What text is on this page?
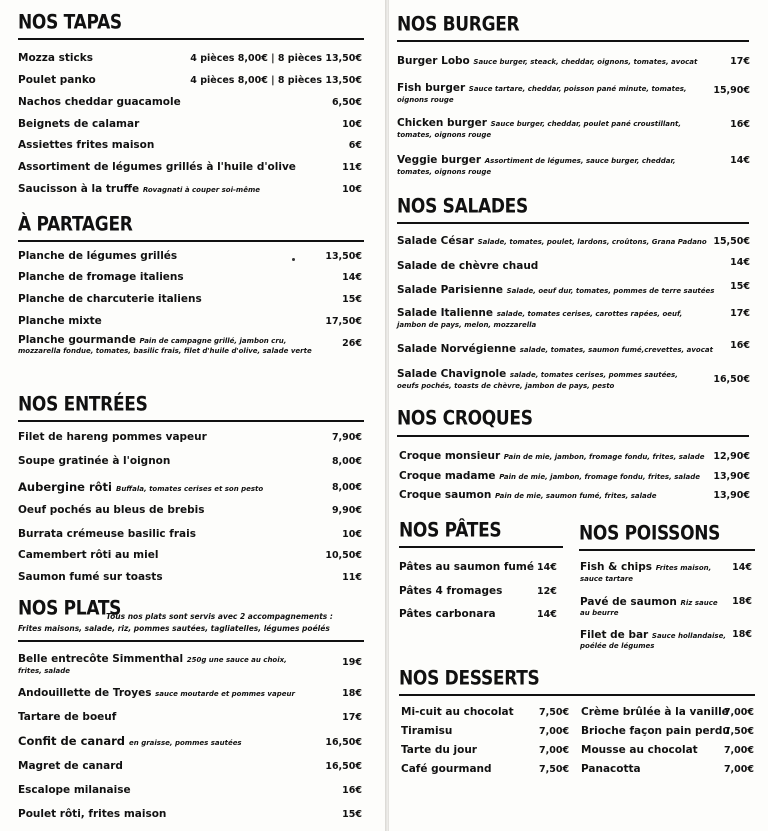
NOS TAPAS
Mozza sticks	4 pièces 8,00€ | 8 pièces 13,50€
Poulet panko	4 pièces 8,00€ | 8 pièces 13,50€
Nachos cheddar guacamole	6,50€
Beignets de calamar	10€
Assiettes frites maison	6€
Assortiment de légumes grillés à l'huile d'olive	11€
Saucisson à la truffe Rovagnati à couper soi-même	10€
À PARTAGER
Planche de légumes grillés	13,50€
Planche de fromage italiens	14€
Planche de charcuterie italiens	15€
Planche mixte	17,50€
Planche gourmande Pain de campagne grillé, jambon cru,
mozzarella fondue, tomates, basilic frais, filet d'huile d'olive, salade verte
26€
NOS ENTRÉES
Filet de hareng pommes vapeur	7,90€
Soupe gratinée à l'oignon	8,00€
Aubergine rôti Buffala, tomates cerises et son pesto	8,00€
Oeuf pochés au bleus de brebis	9,90€
Burrata crémeuse basilic frais	10€
Camembert rôti au miel	10,50€
Saumon fumé sur toasts	11€
NOS PLATS
Tous nos plats sont servis avec 2 accompagnements :
Frites maisons, salade, riz, pommes sautées, tagliatelles, légumes poélés
Belle entrecôte Simmenthal 250g une sauce au choix,
frites, salade
19€
Andouillette de Troyes sauce moutarde et pommes vapeur	18€
Tartare de boeuf	17€
Confit de canard en graisse, pommes sautées	16,50€
Magret de canard	16,50€
Escalope milanaise	16€
Poulet rôti, frites maison	15€
NOS BURGER
Burger Lobo Sauce burger, steack, cheddar, oignons, tomates, avocat	17€
Fish burger Sauce tartare, cheddar, poisson pané minute, tomates,
oignons rouge
15,90€
Chicken burger Sauce burger, cheddar, poulet pané croustillant,
tomates, oignons rouge
16€
Veggie burger Assortiment de légumes, sauce burger, cheddar,
tomates, oignons rouge
14€
NOS SALADES
Salade César Salade, tomates, poulet, lardons, croûtons, Grana Padano 15,50€
Salade de chèvre chaud	14€
Salade Parisienne Salade, oeuf dur, tomates, pommes de terre sautées 15€
Salade Italienne salade, tomates cerises, carottes rapées, oeuf,
jambon de pays, melon, mozzarella
17€
Salade Norvégienne salade, tomates, saumon fumé,crevettes, avocat 16€
Salade Chavignole salade, tomates cerises, pommes sautées,
oeufs pochés, toasts de chèvre, jambon de pays, pesto
16,50€
NOS CROQUES
Croque monsieur Pain de mie, jambon, fromage fondu, frites, salade 12,90€
Croque madame Pain de mie, jambon, fromage fondu, frites, salade 13,90€
Croque saumon Pain de mie, saumon fumé, frites, salade	13,90€
NOS PÂTES
Pâtes au saumon fumé 14€
Pâtes 4 fromages	12€
Pâtes carbonara	14€
NOS POISSONS
Fish & chips Frites maison,
sauce tartare
14€
Pavé de saumon Riz sauce
au beurre
18€
Filet de bar Sauce hollandaise,
poélée de légumes
18€
NOS DESSERTS
Mi-cuit au chocolat	7,50€
Tiramisu	7,00€
Tarte du jour	7,00€
Café gourmand	7,50€
Crème brûlée à la vanille
7,00€
Brioche façon pain perdu
7,50€
Mousse au chocolat	7,00€
Panacotta	7,00€
